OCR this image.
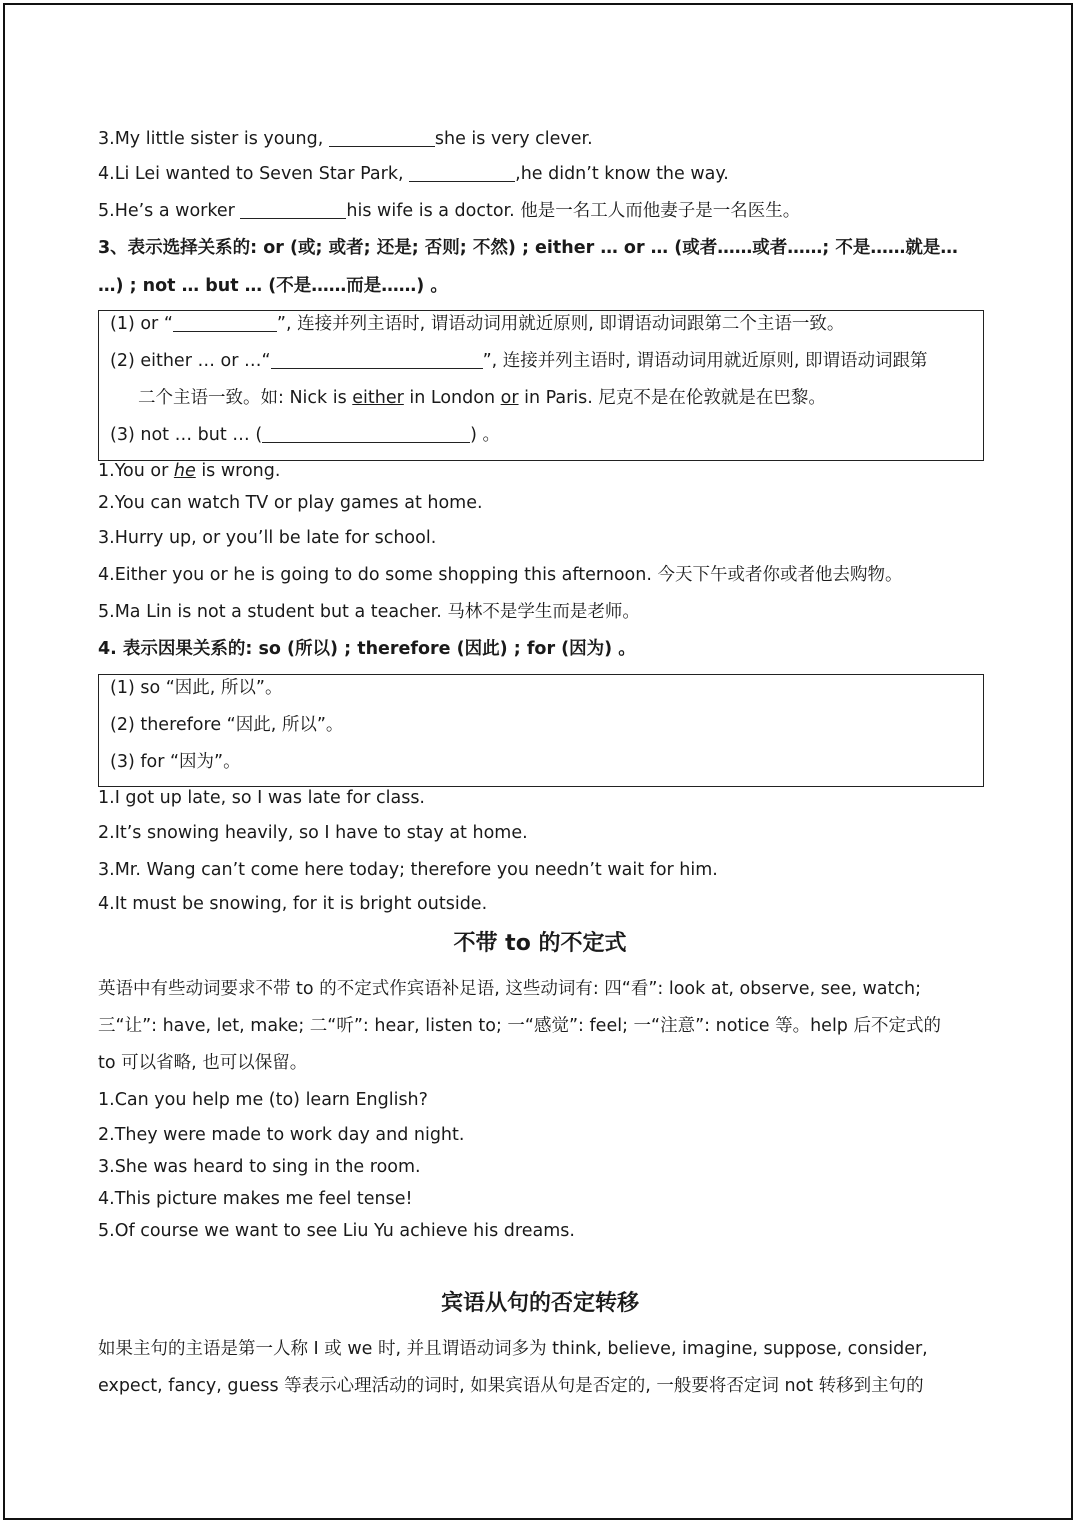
3.My little sister is young,	she is very clever.
4.Li Lei wanted to Seven Star Park,	,he didn’t know the way.
5.He’s a worker	his wife is a doctor. 他是一名工人而他妻子是一名医生。
3、表示选择关系的: or (或; 或者; 还是; 否则; 不然) ; either … or … (或者……或者……; 不是……就是…
…) ; not … but … (不是……而是……) 。
(1) or “	”, 连接并列主语时, 谓语动词用就近原则, 即谓语动词跟第二个主语一致。
(2) either … or …“	”, 连接并列主语时, 谓语动词用就近原则, 即谓语动词跟第
二个主语一致。如: Nick is either in London or in Paris. 尼克不是在伦敦就是在巴黎。
(3) not … but … (	) 。
1.You or he is wrong.
2.You can watch TV or play games at home.
3.Hurry up, or you’ll be late for school.
4.Either you or he is going to do some shopping this afternoon. 今天下午或者你或者他去购物。
5.Ma Lin is not a student but a teacher. 马林不是学生而是老师。
4. 表示因果关系的: so (所以) ; therefore (因此) ; for (因为) 。
(1) so “因此, 所以”。
(2) therefore “因此, 所以”。
(3) for “因为”。
1.I got up late, so I was late for class.
2.It’s snowing heavily, so I have to stay at home.
3.Mr. Wang can’t come here today; therefore you needn’t wait for him.
4.It must be snowing, for it is bright outside.
不带 to 的不定式
英语中有些动词要求不带 to 的不定式作宾语补足语, 这些动词有: 四“看”: look at, observe, see, watch;
三“让”: have, let, make; 二“听”: hear, listen to; 一“感觉”: feel; 一“注意”: notice 等。help 后不定式的
to 可以省略, 也可以保留。
1.Can you help me (to) learn English?
2.They were made to work day and night.
3.She was heard to sing in the room.
4.This picture makes me feel tense!
5.Of course we want to see Liu Yu achieve his dreams.
宾语从句的否定转移
如果主句的主语是第一人称 I 或 we 时, 并且谓语动词多为 think, believe, imagine, suppose, consider,
expect, fancy, guess 等表示心理活动的词时, 如果宾语从句是否定的, 一般要将否定词 not 转移到主句的
